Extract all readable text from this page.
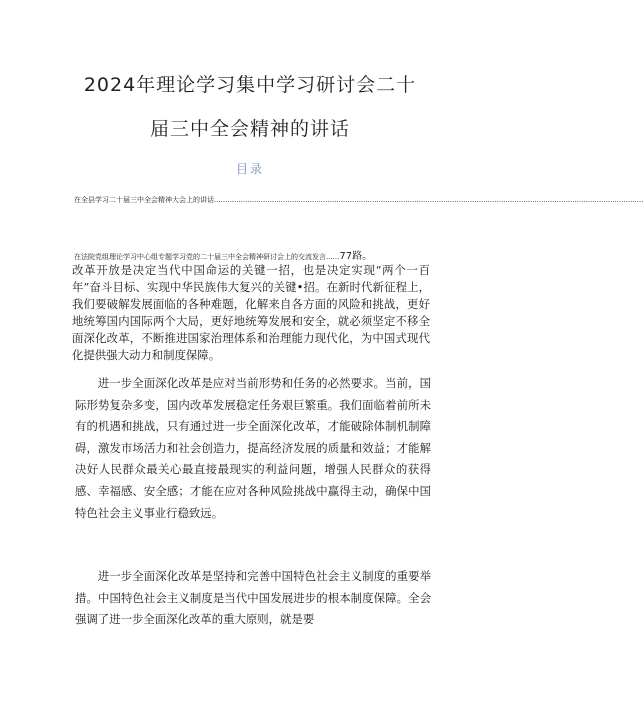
2024年理论学习集中学习研讨会二十
届三中全会精神的讲话
目录
在全县学习二十届三中全会精神大会上的讲话.................................................................................................................................................................................................
在法院党组理论学习中心组专题学习党的二十届三中全会精神研讨会上的交流发言......77路。

改革开放是决定当代中国命运的关键一招，也是决定实现“两个一百年”奋斗目标、实现中华民族伟大复兴的关键•招。在新时代新征程上，我们要破解发展面临的各种难题，化解来自各方面的风险和挑战，更好地统筹国内国际两个大局，更好地统筹发展和安全，就必须坚定不移全面深化改革，不断推进国家治理体系和治理能力现代化，为中国式现代化提供强大动力和制度保障。

进一步全面深化改革是应对当前形势和任务的必然要求。当前，国际形势复杂多变，国内改革发展稳定任务艰巨繁重。我们面临着前所未有的机遇和挑战，只有通过进一步全面深化改革，才能破除体制机制障碍，激发市场活力和社会创造力，提高经济发展的质量和效益；才能解决好人民群众最关心最直接最现实的利益问题，增强人民群众的获得感、幸福感、安全感；才能在应对各种风险挑战中赢得主动，确保中国特色社会主义事业行稳致远。

进一步全面深化改革是坚持和完善中国特色社会主义制度的重要举措。中国特色社会主义制度是当代中国发展进步的根本制度保障。全会强调了进一步全面深化改革的重大原则，就是要
